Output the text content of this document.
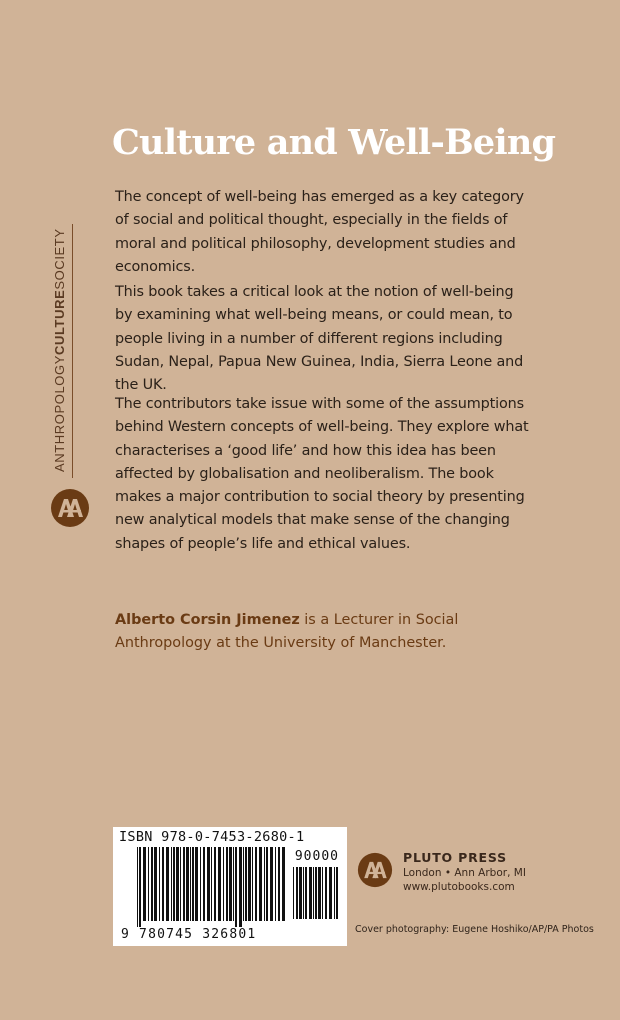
Culture and Well-Being
The concept of well-being has emerged as a key category of social and political thought, especially in the fields of moral and political philosophy, development studies and economics.
This book takes a critical look at the notion of well-being by examining what well-being means, or could mean, to people living in a number of different regions including Sudan, Nepal, Papua New Guinea, India, Sierra Leone and the UK.
The contributors take issue with some of the assumptions behind Western concepts of well-being. They explore what characterises a ‘good life’ and how this idea has been affected by globalisation and neoliberalism. The book makes a major contribution to social theory by presenting new analytical models that make sense of the changing shapes of people’s life and ethical values.
Alberto Corsin Jimenez is a Lecturer in Social Anthropology at the University of Manchester.
ANTHROPOLOGYCULTURESOCIETY
ISBN 978-0-7453-2680-1
90000
9 780745 326801
PLUTO PRESS
London • Ann Arbor, MI
www.plutobooks.com
Cover photography: Eugene Hoshiko/AP/PA Photos
